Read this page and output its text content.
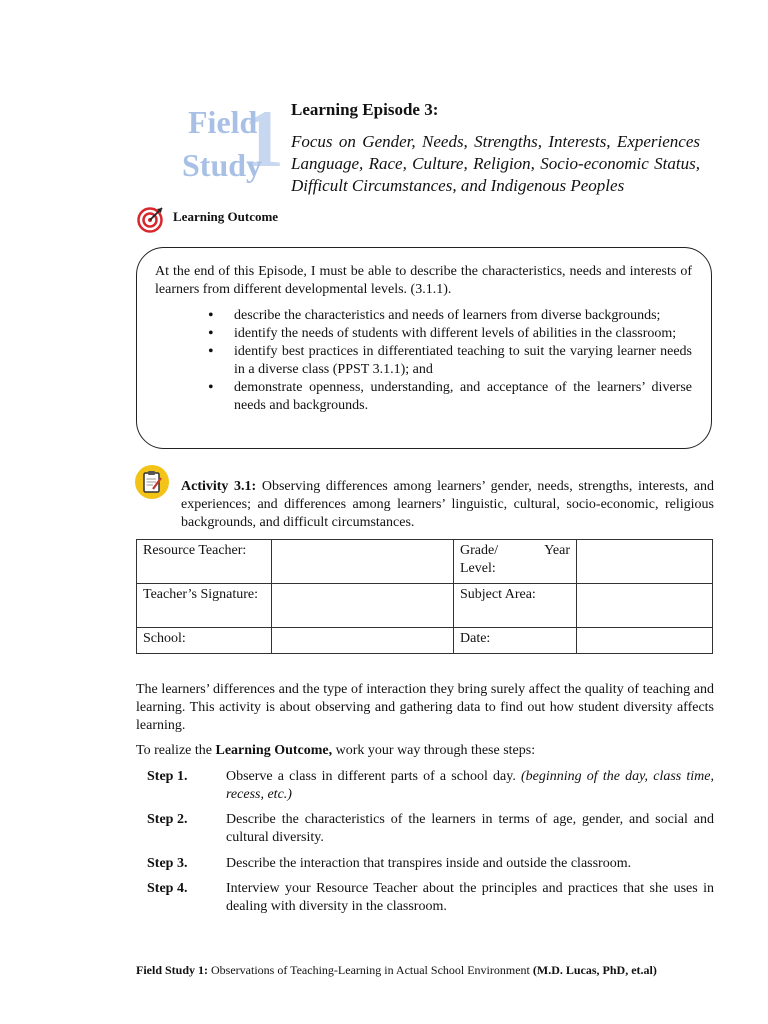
1
Field
Study
Learning Episode 3:
Focus on Gender, Needs, Strengths, Interests, Experiences Language, Race, Culture, Religion, Socio-economic Status, Difficult Circumstances, and Indigenous Peoples
Learning Outcome
At the end of this Episode, I must be able to describe the characteristics, needs and interests of learners from different developmental levels. (3.1.1).
• describe the characteristics and needs of learners from diverse backgrounds;
• identify the needs of students with different levels of abilities in the classroom;
• identify best practices in differentiated teaching to suit the varying learner needs in a diverse class (PPST 3.1.1); and
• demonstrate openness, understanding, and acceptance of the learners’ diverse needs and backgrounds.
Activity 3.1: Observing differences among learners’ gender, needs, strengths, interests, and experiences; and differences among learners’ linguistic, cultural, socio-economic, religious backgrounds, and difficult circumstances.
Resource Teacher:		Grade/ Year
Level:	

Teacher’s Signature:		Subject Area:	
School:		Date:	
The learners’ differences and the type of interaction they bring surely affect the quality of teaching and learning. This activity is about observing and gathering data to find out how student diversity affects learning.
To realize the Learning Outcome, work your way through these steps:
Step 1.	Observe a class in different parts of a school day. (beginning of the day, class time, recess, etc.)
Step 2.	Describe the characteristics of the learners in terms of age, gender, and social and cultural diversity.
Step 3.	Describe the interaction that transpires inside and outside the classroom.
Step 4.	Interview your Resource Teacher about the principles and practices that she uses in dealing with diversity in the classroom.
Field Study 1: Observations of Teaching-Learning in Actual School Environment (M.D. Lucas, PhD, et.al)
